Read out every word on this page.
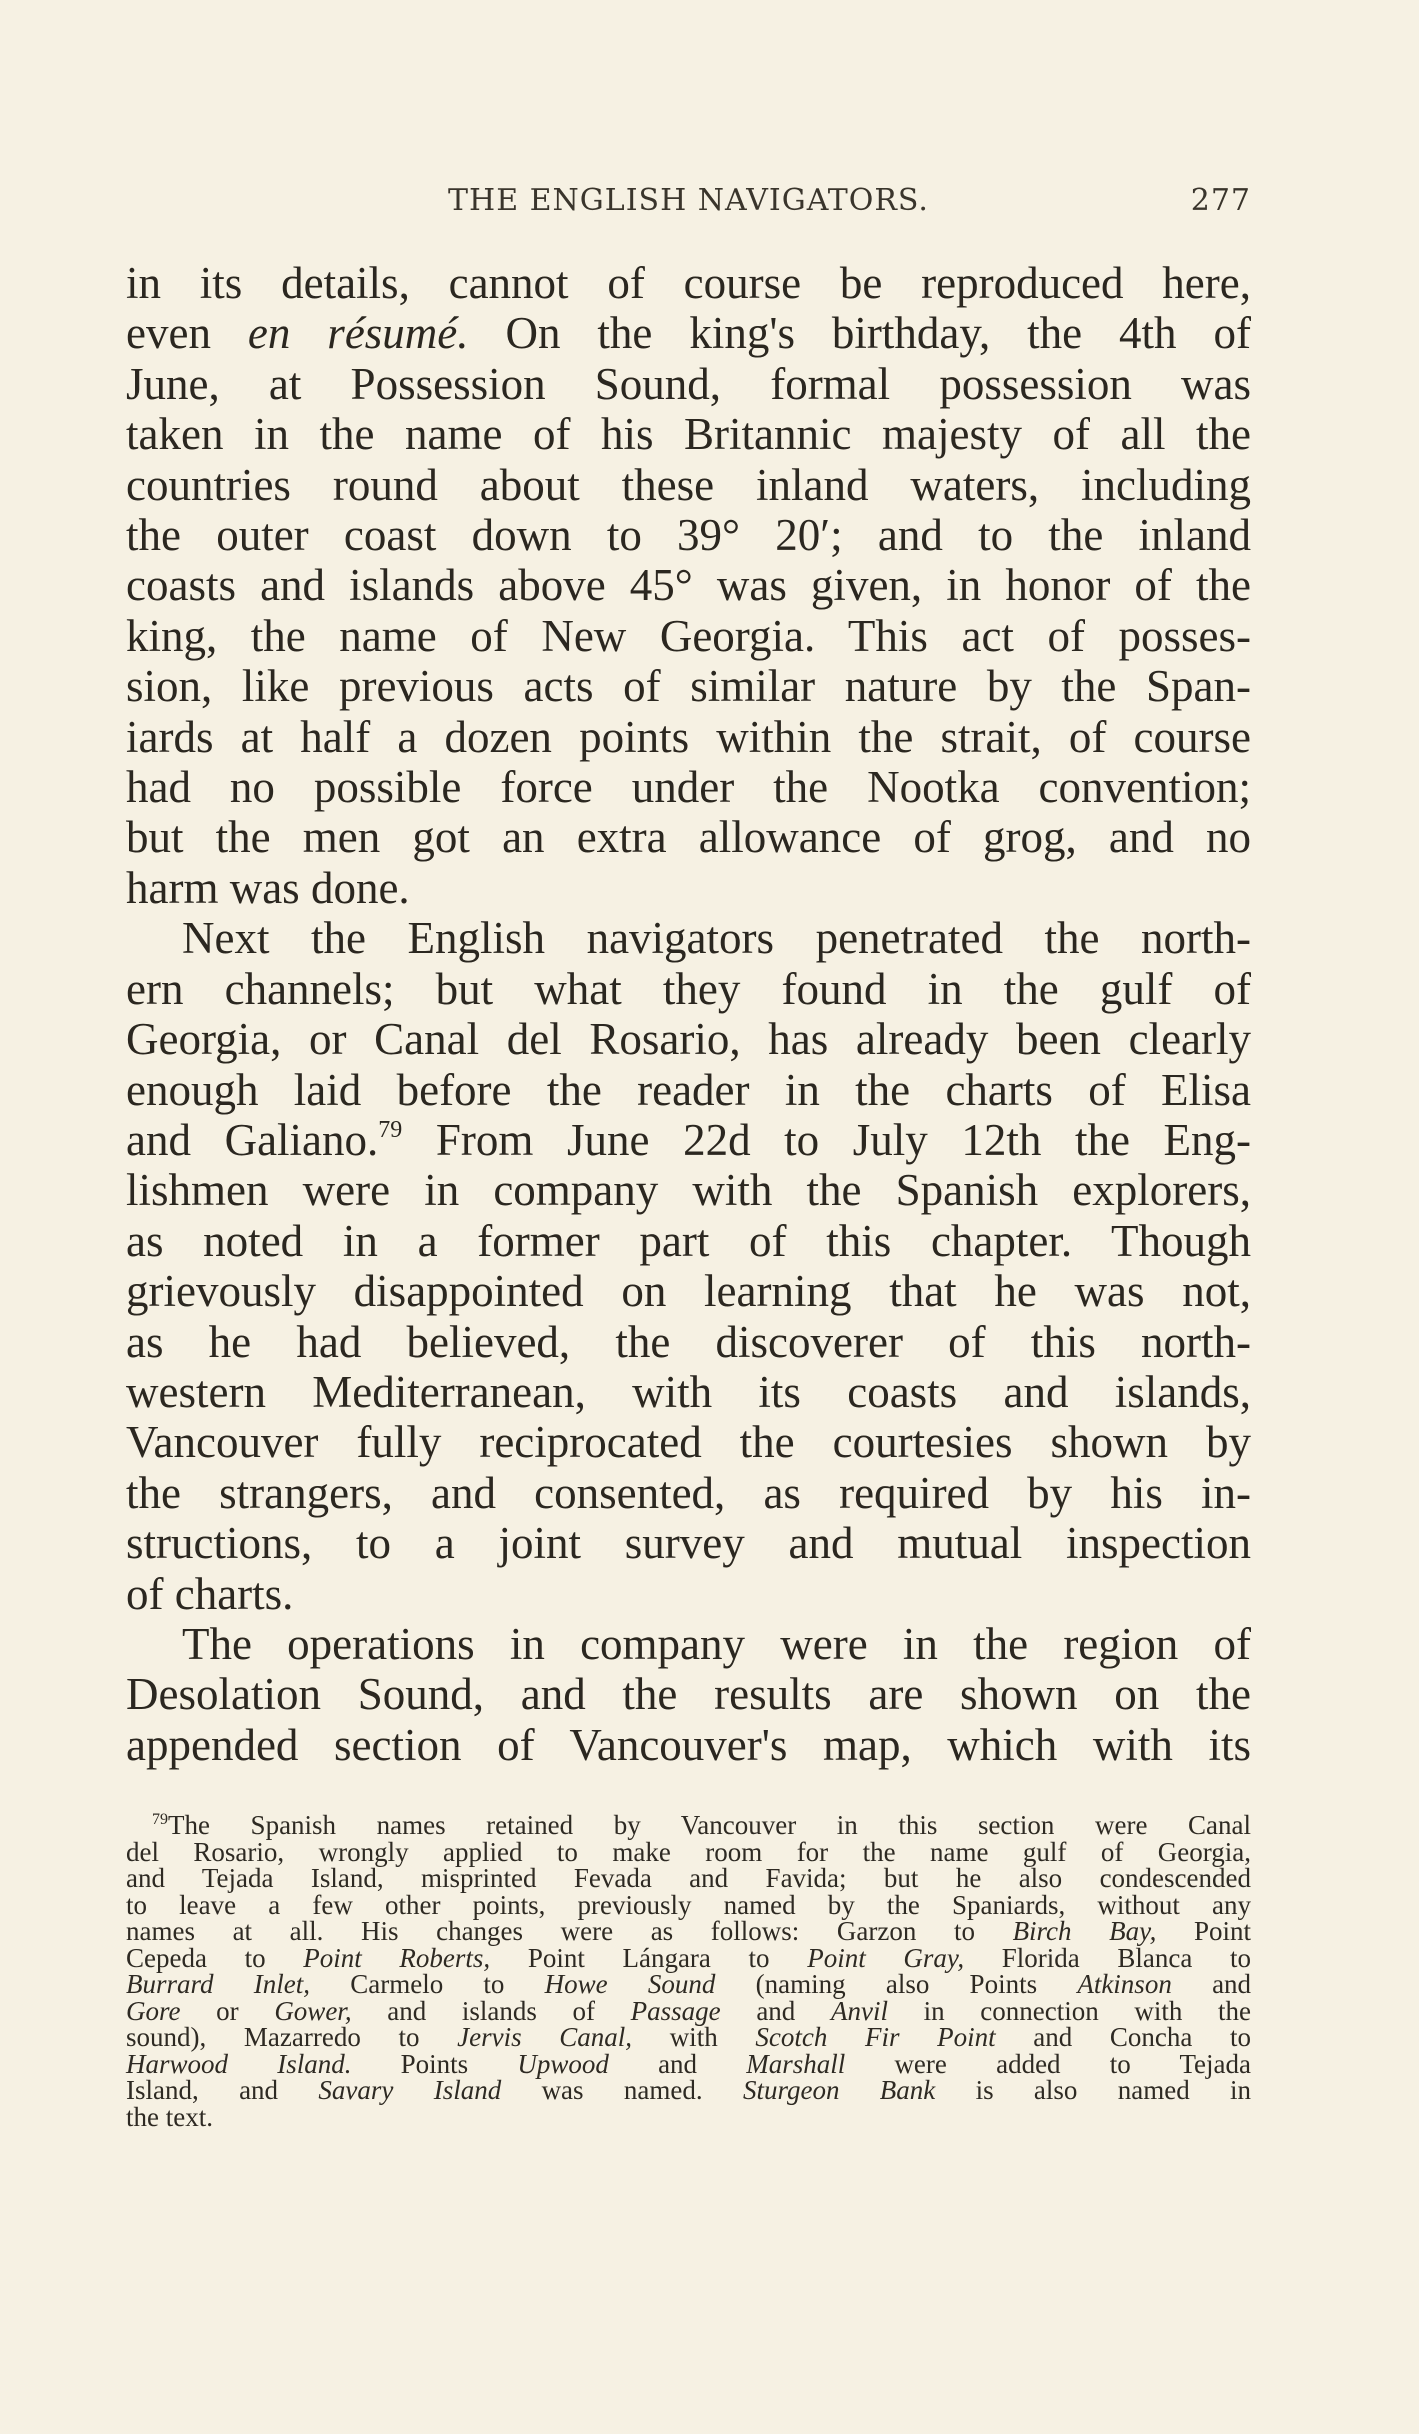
THE ENGLISH NAVIGATORS.	277
in its details, cannot of course be reproduced here,
even en résumé. On the king's birthday, the 4th of
June, at Possession Sound, formal possession was
taken in the name of his Britannic majesty of all the
countries round about these inland waters, including
the outer coast down to 39° 20′; and to the inland
coasts and islands above 45° was given, in honor of the
king, the name of New Georgia. This act of posses-
sion, like previous acts of similar nature by the Span-
iards at half a dozen points within the strait, of course
had no possible force under the Nootka convention;
but the men got an extra allowance of grog, and no
harm was done.
Next the English navigators penetrated the north-
ern channels; but what they found in the gulf of
Georgia, or Canal del Rosario, has already been clearly
enough laid before the reader in the charts of Elisa
and Galiano.$^{79}$ From June 22d to July 12th the Eng-
lishmen were in company with the Spanish explorers,
as noted in a former part of this chapter. Though
grievously disappointed on learning that he was not,
as he had believed, the discoverer of this north-
western Mediterranean, with its coasts and islands,
Vancouver fully reciprocated the courtesies shown by
the strangers, and consented, as required by his in-
structions, to a joint survey and mutual inspection
of charts.
The operations in company were in the region of
Desolation Sound, and the results are shown on the
appended section of Vancouver's map, which with its
$^{79}$The Spanish names retained by Vancouver in this section were Canal
del Rosario, wrongly applied to make room for the name gulf of Georgia,
and Tejada Island, misprinted Fevada and Favida; but he also condescended
to leave a few other points, previously named by the Spaniards, without any
names at all. His changes were as follows: Garzon to Birch Bay, Point
Cepeda to Point Roberts, Point Lángara to Point Gray, Florida Blanca to
Burrard Inlet, Carmelo to Howe Sound (naming also Points Atkinson and
Gore or Gower, and islands of Passage and Anvil in connection with the
sound), Mazarredo to Jervis Canal, with Scotch Fir Point and Concha to
Harwood Island. Points Upwood and Marshall were added to Tejada
Island, and Savary Island was named. Sturgeon Bank is also named in
the text.
